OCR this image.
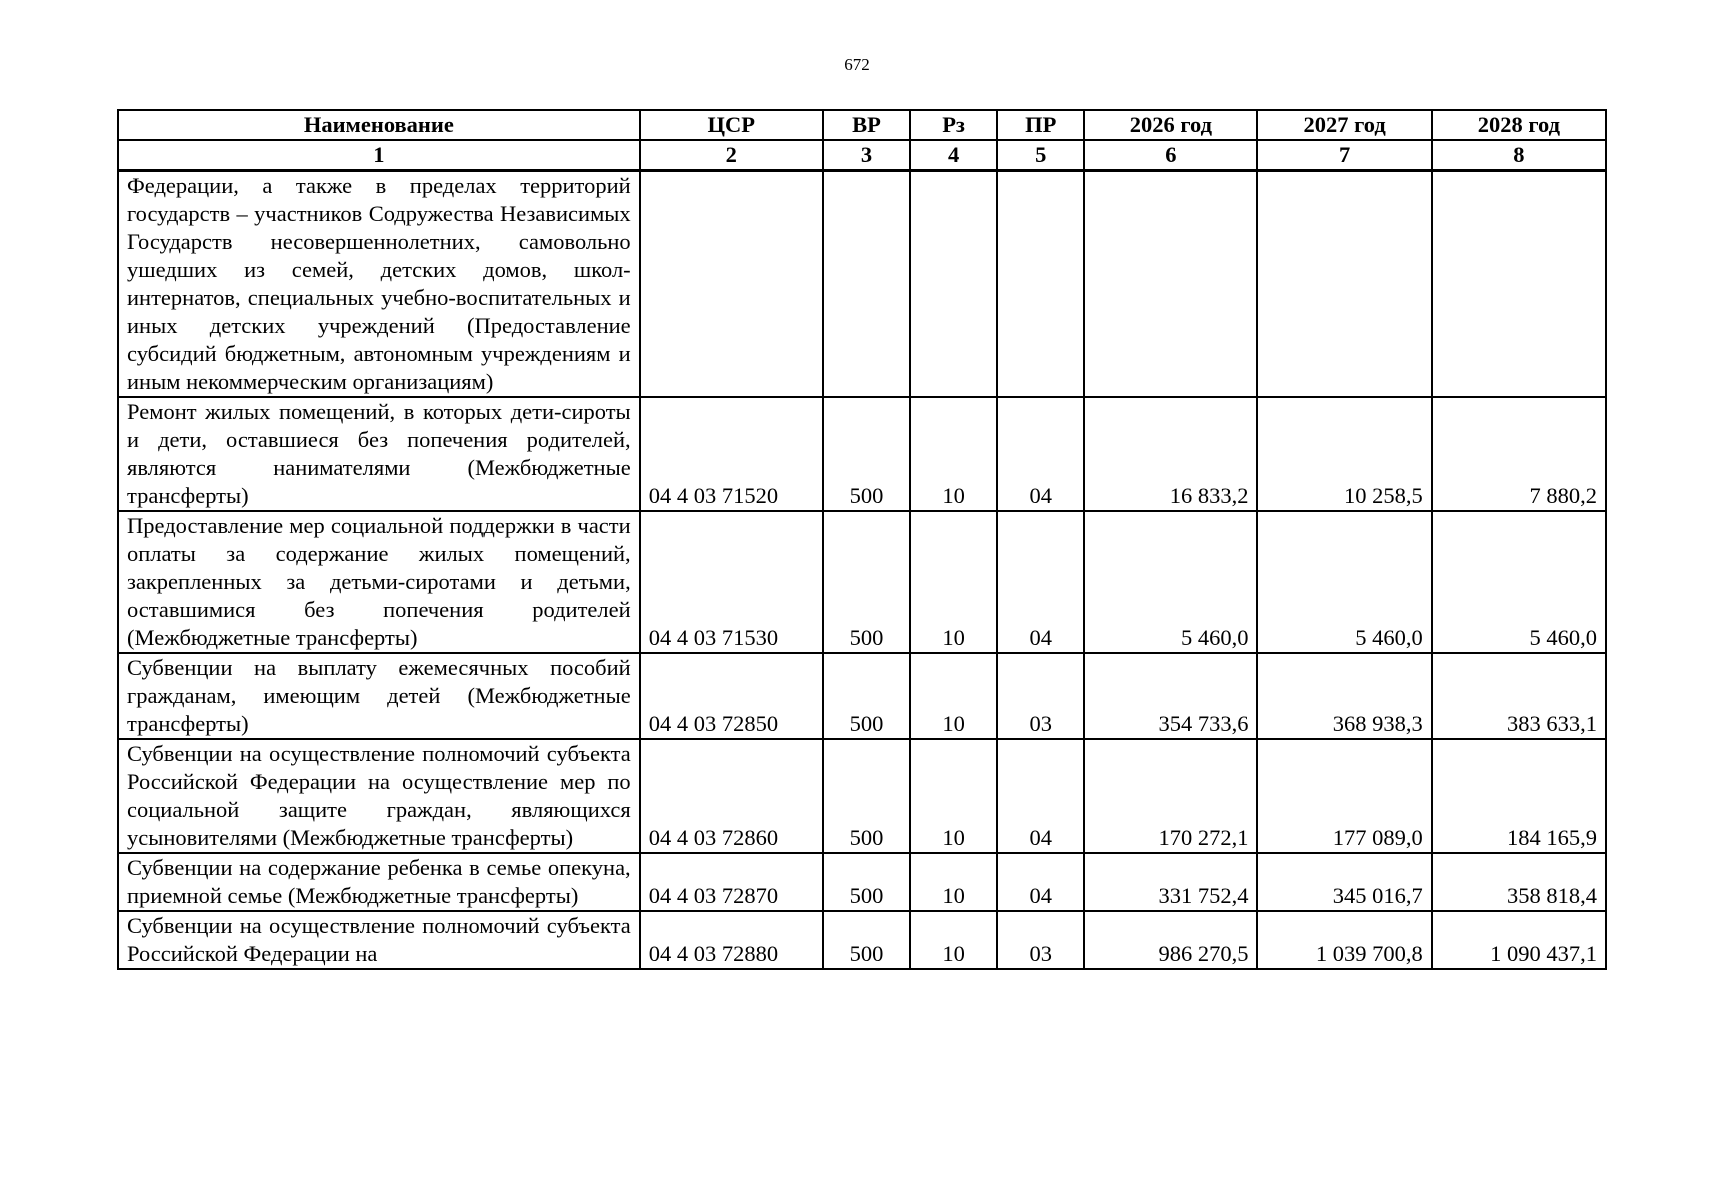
672
Наименование	ЦСР	ВР	Рз	ПР	2026 год	2027 год	2028 год
1	2	3	4	5	6	7	8
Федерации, а также в пределах территорий государств – участников Содружества Независимых Государств несовершеннолетних, самовольно ушедших из семей, детских домов, школ-интернатов, специальных учебно-воспитательных и иных детских учреждений (Предоставление субсидий бюджетным, автономным учреждениям и иным некоммерческим организациям)							
Ремонт жилых помещений, в которых дети-сироты и дети, оставшиеся без попечения родителей, являются нанимателями (Межбюджетные трансферты)	04 4 03 71520	500	10	04	16 833,2	10 258,5	7 880,2
Предоставление мер социальной поддержки в части оплаты за содержание жилых помещений, закрепленных за детьми-сиротами и детьми, оставшимися без попечения родителей (Межбюджетные трансферты)	04 4 03 71530	500	10	04	5 460,0	5 460,0	5 460,0
Субвенции на выплату ежемесячных пособий гражданам, имеющим детей (Межбюджетные трансферты)	04 4 03 72850	500	10	03	354 733,6	368 938,3	383 633,1
Субвенции на осуществление полномочий субъекта Российской Федерации на осуществление мер по социальной защите граждан, являющихся усыновителями (Межбюджетные трансферты)	04 4 03 72860	500	10	04	170 272,1	177 089,0	184 165,9
Субвенции на содержание ребенка в семье опекуна, приемной семье (Межбюджетные трансферты)	04 4 03 72870	500	10	04	331 752,4	345 016,7	358 818,4
Субвенции на осуществление полномочий субъекта Российской Федерации на	04 4 03 72880	500	10	03	986 270,5	1 039 700,8	1 090 437,1
